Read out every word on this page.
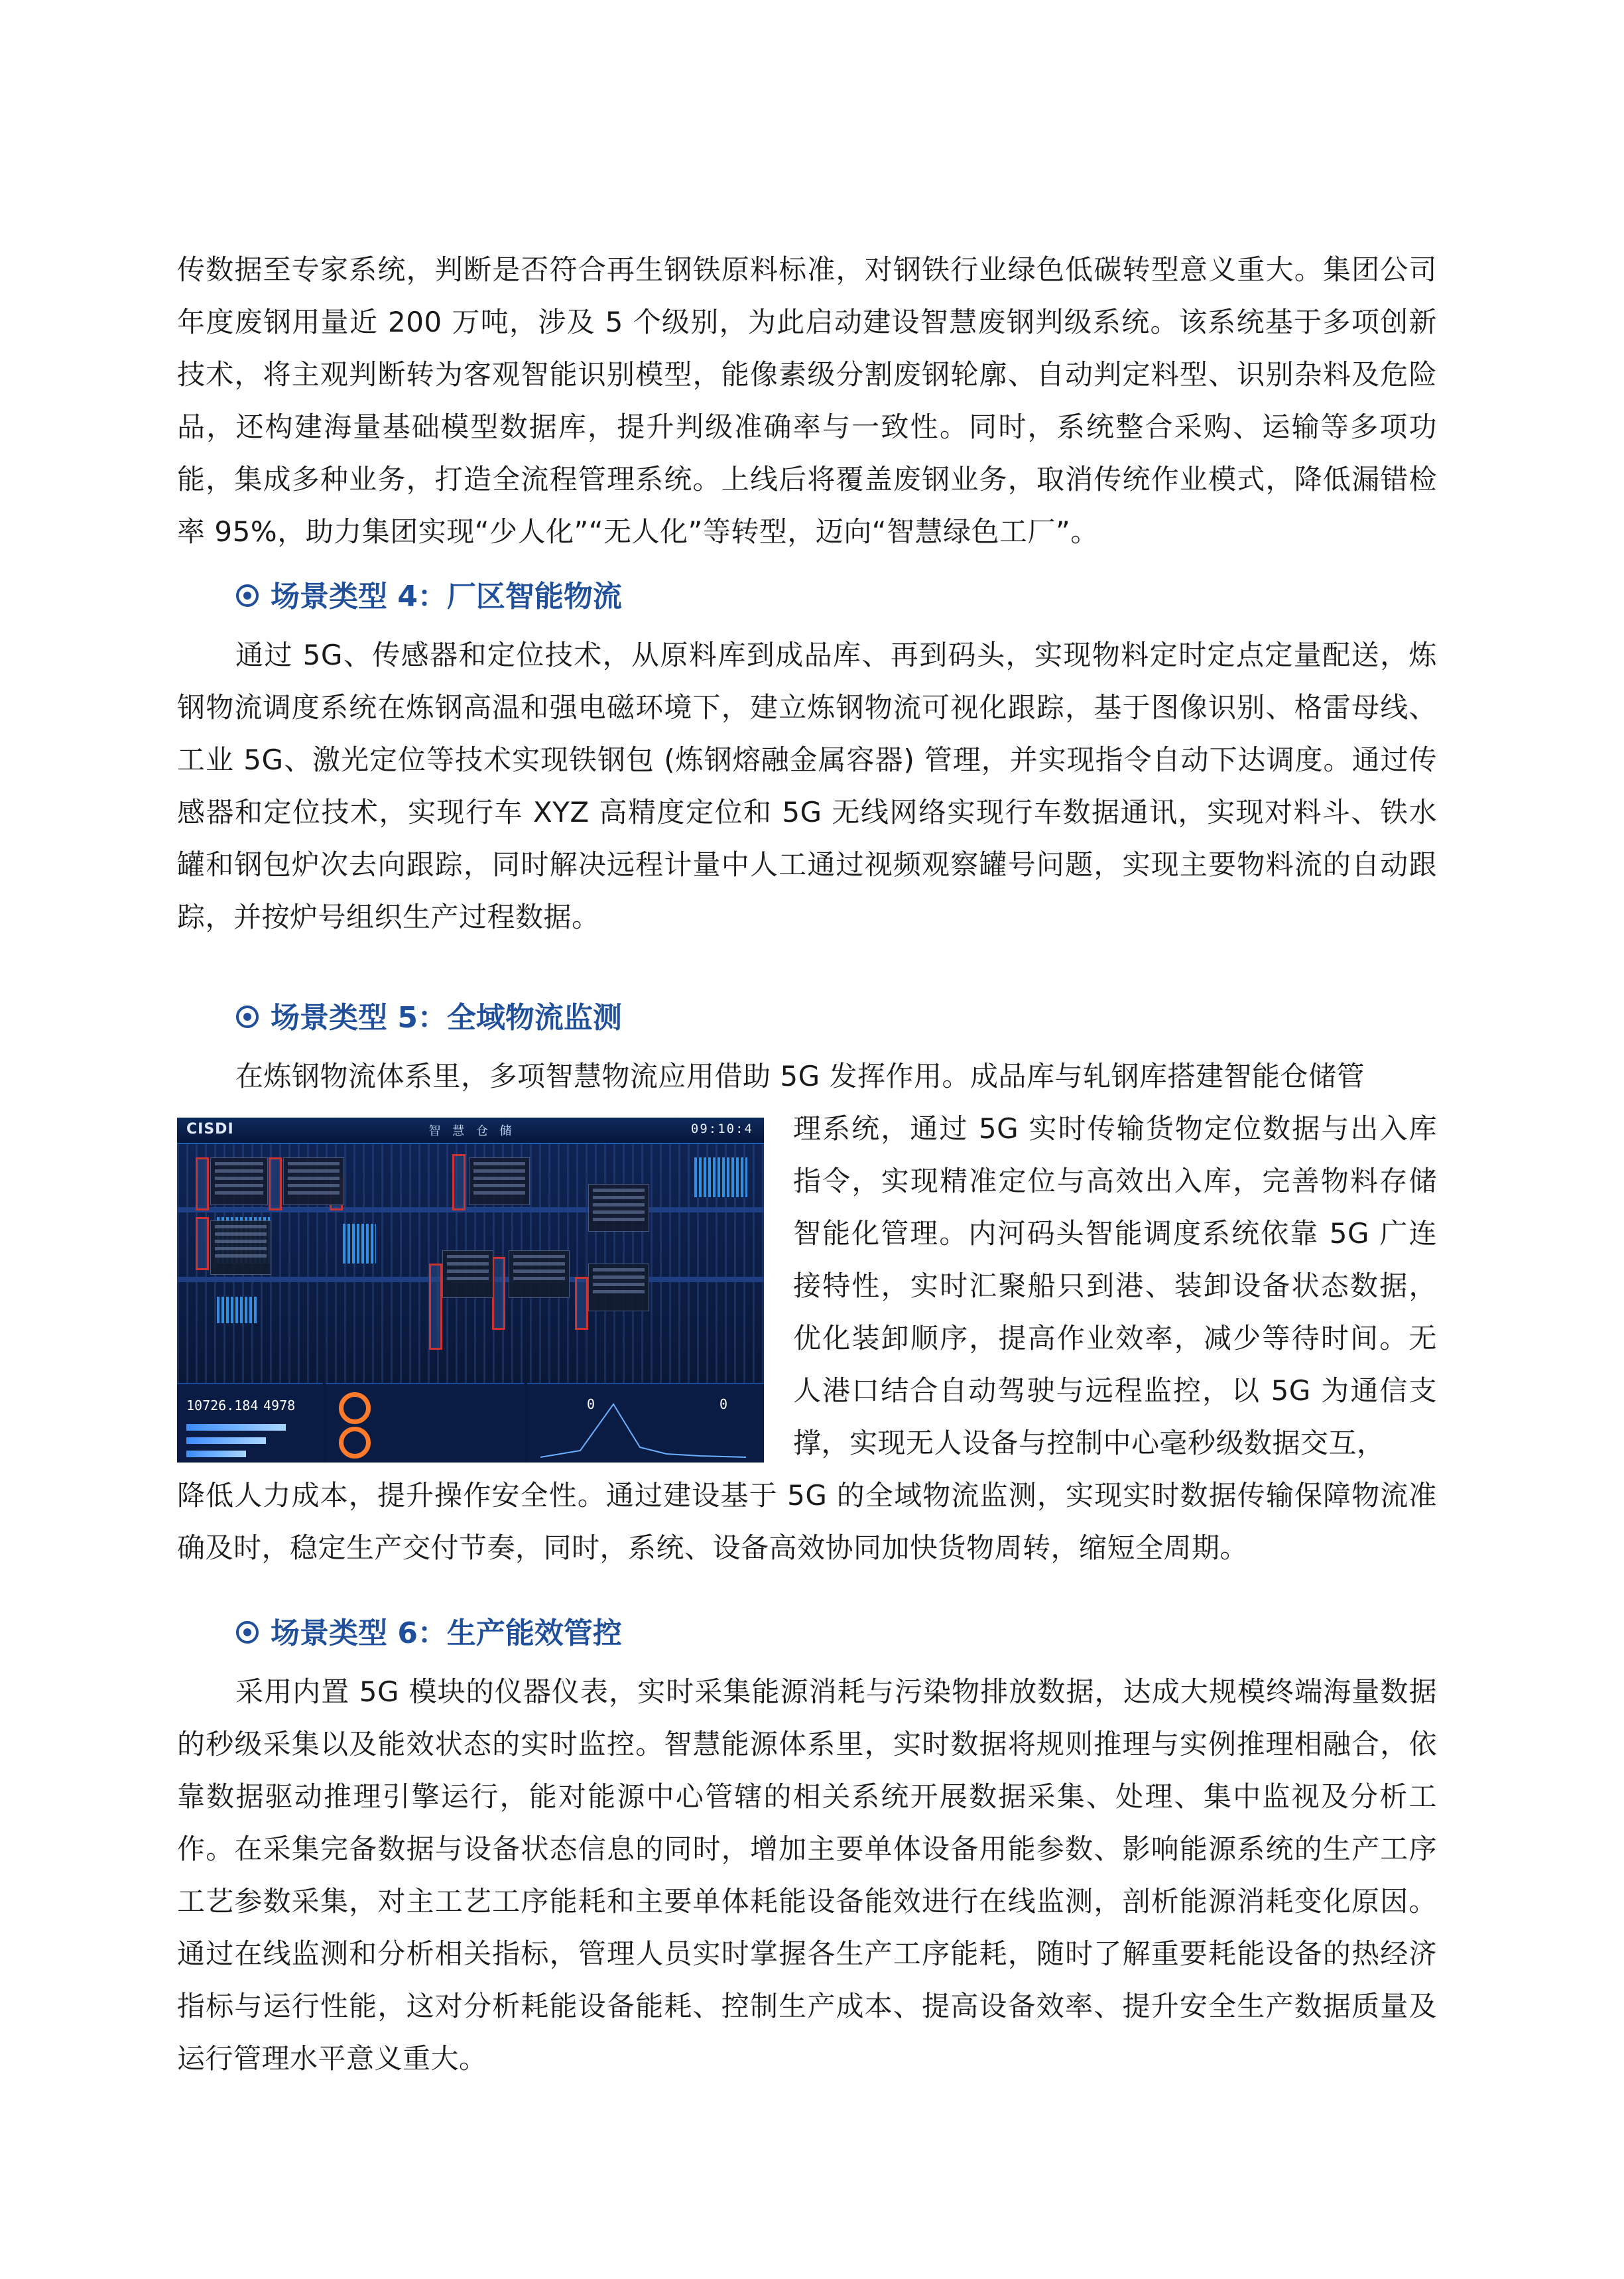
传数据至专家系统，判断是否符合再生钢铁原料标准，对钢铁行业绿色低碳转型意义重大。集团公司年度废钢用量近 200 万吨，涉及 5 个级别，为此启动建设智慧废钢判级系统。该系统基于多项创新技术，将主观判断转为客观智能识别模型，能像素级分割废钢轮廓、自动判定料型、识别杂料及危险品，还构建海量基础模型数据库，提升判级准确率与一致性。同时，系统整合采购、运输等多项功能，集成多种业务，打造全流程管理系统。上线后将覆盖废钢业务，取消传统作业模式，降低漏错检率 95%，助力集团实现“少人化”“无人化”等转型，迈向“智慧绿色工厂”。

场景类型 4：厂区智能物流

通过 5G、传感器和定位技术，从原料库到成品库、再到码头，实现物料定时定点定量配送，炼钢物流调度系统在炼钢高温和强电磁环境下，建立炼钢物流可视化跟踪，基于图像识别、格雷母线、工业 5G、激光定位等技术实现铁钢包 (炼钢熔融金属容器) 管理，并实现指令自动下达调度。通过传感器和定位技术，实现行车 XYZ 高精度定位和 5G 无线网络实现行车数据通讯，实现对料斗、铁水罐和钢包炉次去向跟踪，同时解决远程计量中人工通过视频观察罐号问题，实现主要物料流的自动跟踪，并按炉号组织生产过程数据。

场景类型 5：全域物流监测

在炼钢物流体系里，多项智慧物流应用借助 5G 发挥作用。成品库与轧钢库搭建智能仓储管

CISDI	智 慧 仓 储	09:10:4
10726.184 4978	0	0

理系统，通过 5G 实时传输货物定位数据与出入库指令，实现精准定位与高效出入库，完善物料存储智能化管理。内河码头智能调度系统依靠 5G 广连接特性，实时汇聚船只到港、装卸设备状态数据，优化装卸顺序，提高作业效率，减少等待时间。无人港口结合自动驾驶与远程监控，以 5G 为通信支撑，实现无人设备与控制中心毫秒级数据交互，

降低人力成本，提升操作安全性。通过建设基于 5G 的全域物流监测，实现实时数据传输保障物流准确及时，稳定生产交付节奏，同时，系统、设备高效协同加快货物周转，缩短全周期。

场景类型 6：生产能效管控

采用内置 5G 模块的仪器仪表，实时采集能源消耗与污染物排放数据，达成大规模终端海量数据的秒级采集以及能效状态的实时监控。智慧能源体系里，实时数据将规则推理与实例推理相融合，依靠数据驱动推理引擎运行，能对能源中心管辖的相关系统开展数据采集、处理、集中监视及分析工作。在采集完备数据与设备状态信息的同时，增加主要单体设备用能参数、影响能源系统的生产工序工艺参数采集，对主工艺工序能耗和主要单体耗能设备能效进行在线监测，剖析能源消耗变化原因。通过在线监测和分析相关指标，管理人员实时掌握各生产工序能耗，随时了解重要耗能设备的热经济指标与运行性能，这对分析耗能设备能耗、控制生产成本、提高设备效率、提升安全生产数据质量及运行管理水平意义重大。
